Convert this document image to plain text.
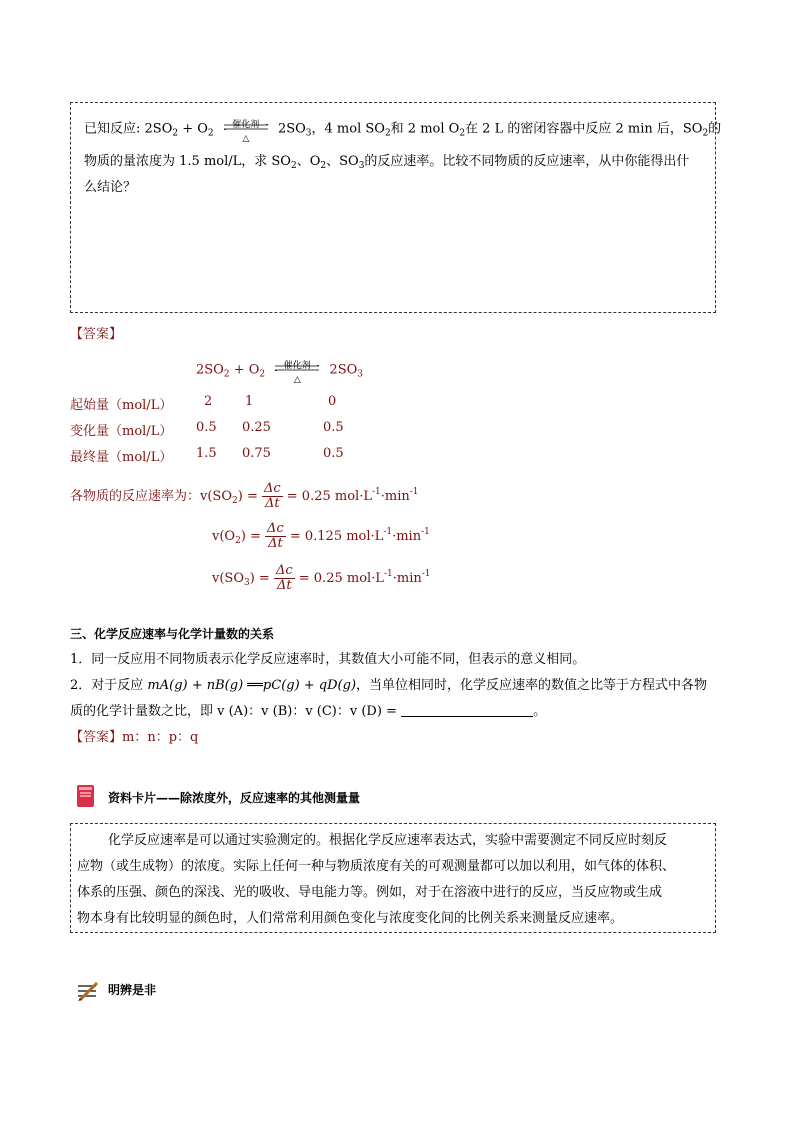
已知反应: $2SO_2 + O_2$
催化剂
△
$2SO_3$，4 mol $SO_2$和 2 mol $O_2$在 2 L 的密闭容器中反应 2 min 后，$SO_2$的
物质的量浓度为 1.5 mol/L，求 $SO_2$、$O_2$、$SO_3$的反应速率。比较不同物质的反应速率，从中你能得出什
么结论？
【答案】
$2SO_2 + O_2$
催化剂
△
$2SO_3$
起始量（mol/L） 2	1	0
变化量（mol/L） 0.5 0.25	0.5
最终量（mol/L） 1.5 0.75	0.5
各物质的反应速率为：$v(SO_2) = \frac{\Delta c}{\Delta t} = 0.25$ $mol\cdot L^{-1}\cdot\min^{-1}$
$v(O_2) = \frac{\Delta c}{\Delta t} = 0.125$ $mol\cdot L^{-1}\cdot\min^{-1}$
$v(SO_3) = \frac{\Delta c}{\Delta t} = 0.25$ $mol\cdot L^{-1}\cdot\min^{-1}$
三、化学反应速率与化学计量数的关系
1．同一反应用不同物质表示化学反应速率时，其数值大小可能不同，但表示的意义相同。
2．对于反应 mA(g) + nB(g) ══pC(g) + qD(g)，当单位相同时，化学反应速率的数值之比等于方程式中各物
质的化学计量数之比，即 v (A)：v (B)：v (C)：v (D) =	。
【答案】m：n：p：q
资料卡片——除浓度外，反应速率的其他测量量
化学反应速率是可以通过实验测定的。根据化学反应速率表达式，实验中需要测定不同反应时刻反
应物（或生成物）的浓度。实际上任何一种与物质浓度有关的可观测量都可以加以利用，如气体的体积、
体系的压强、颜色的深浅、光的吸收、导电能力等。例如，对于在溶液中进行的反应，当反应物或生成
物本身有比较明显的颜色时，人们常常利用颜色变化与浓度变化间的比例关系来测量反应速率。
明辨是非
